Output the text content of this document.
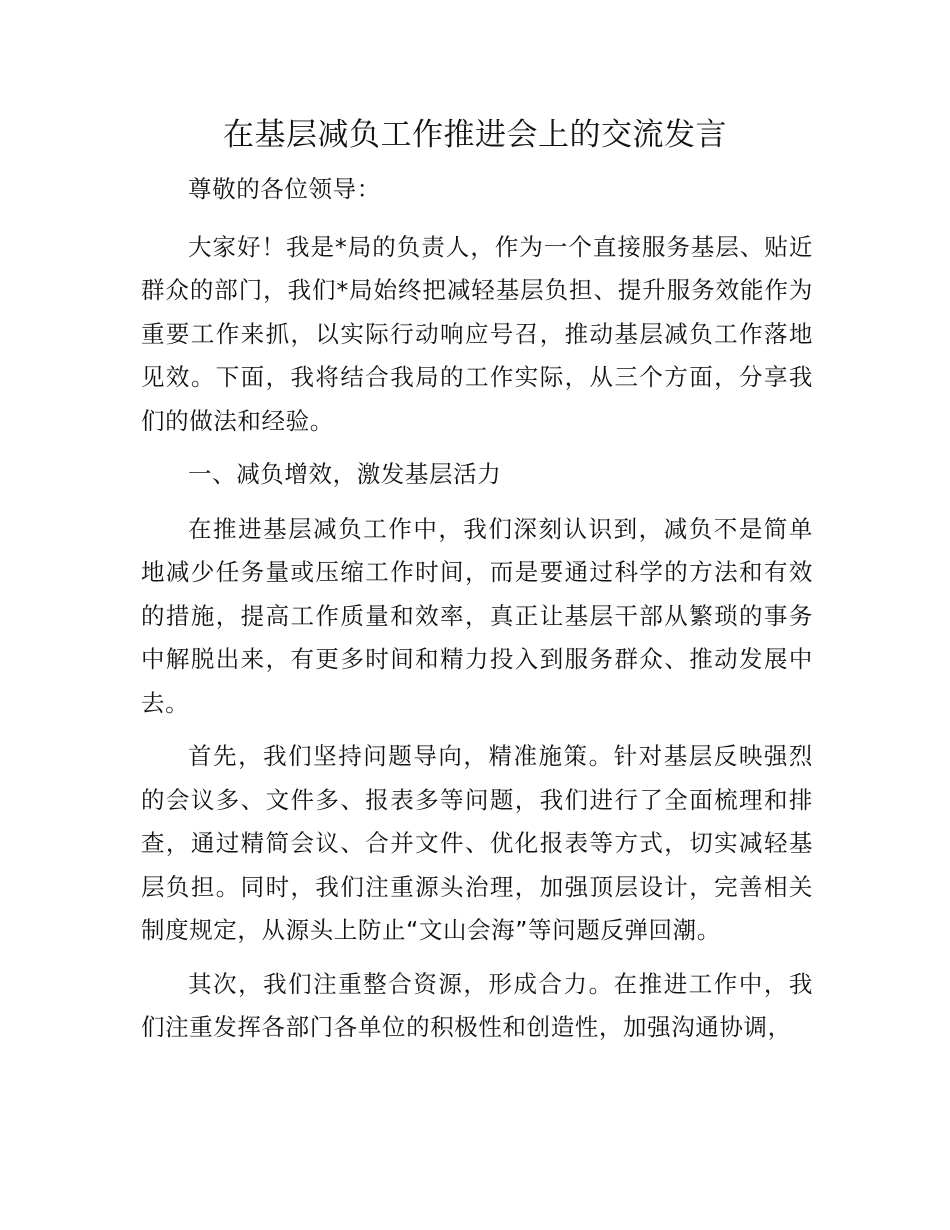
在基层减负工作推进会上的交流发言

尊敬的各位领导：

大家好！我是*局的负责人，作为一个直接服务基层、贴近群众的部门，我们*局始终把减轻基层负担、提升服务效能作为重要工作来抓，以实际行动响应号召，推动基层减负工作落地见效。下面，我将结合我局的工作实际，从三个方面，分享我们的做法和经验。

一、减负增效，激发基层活力

在推进基层减负工作中，我们深刻认识到，减负不是简单地减少任务量或压缩工作时间，而是要通过科学的方法和有效的措施，提高工作质量和效率，真正让基层干部从繁琐的事务中解脱出来，有更多时间和精力投入到服务群众、推动发展中去。

首先，我们坚持问题导向，精准施策。针对基层反映强烈的会议多、文件多、报表多等问题，我们进行了全面梳理和排查，通过精简会议、合并文件、优化报表等方式，切实减轻基层负担。同时，我们注重源头治理，加强顶层设计，完善相关制度规定，从源头上防止“文山会海”等问题反弹回潮。

其次，我们注重整合资源，形成合力。在推进工作中，我们注重发挥各部门各单位的积极性和创造性，加强沟通协调，
